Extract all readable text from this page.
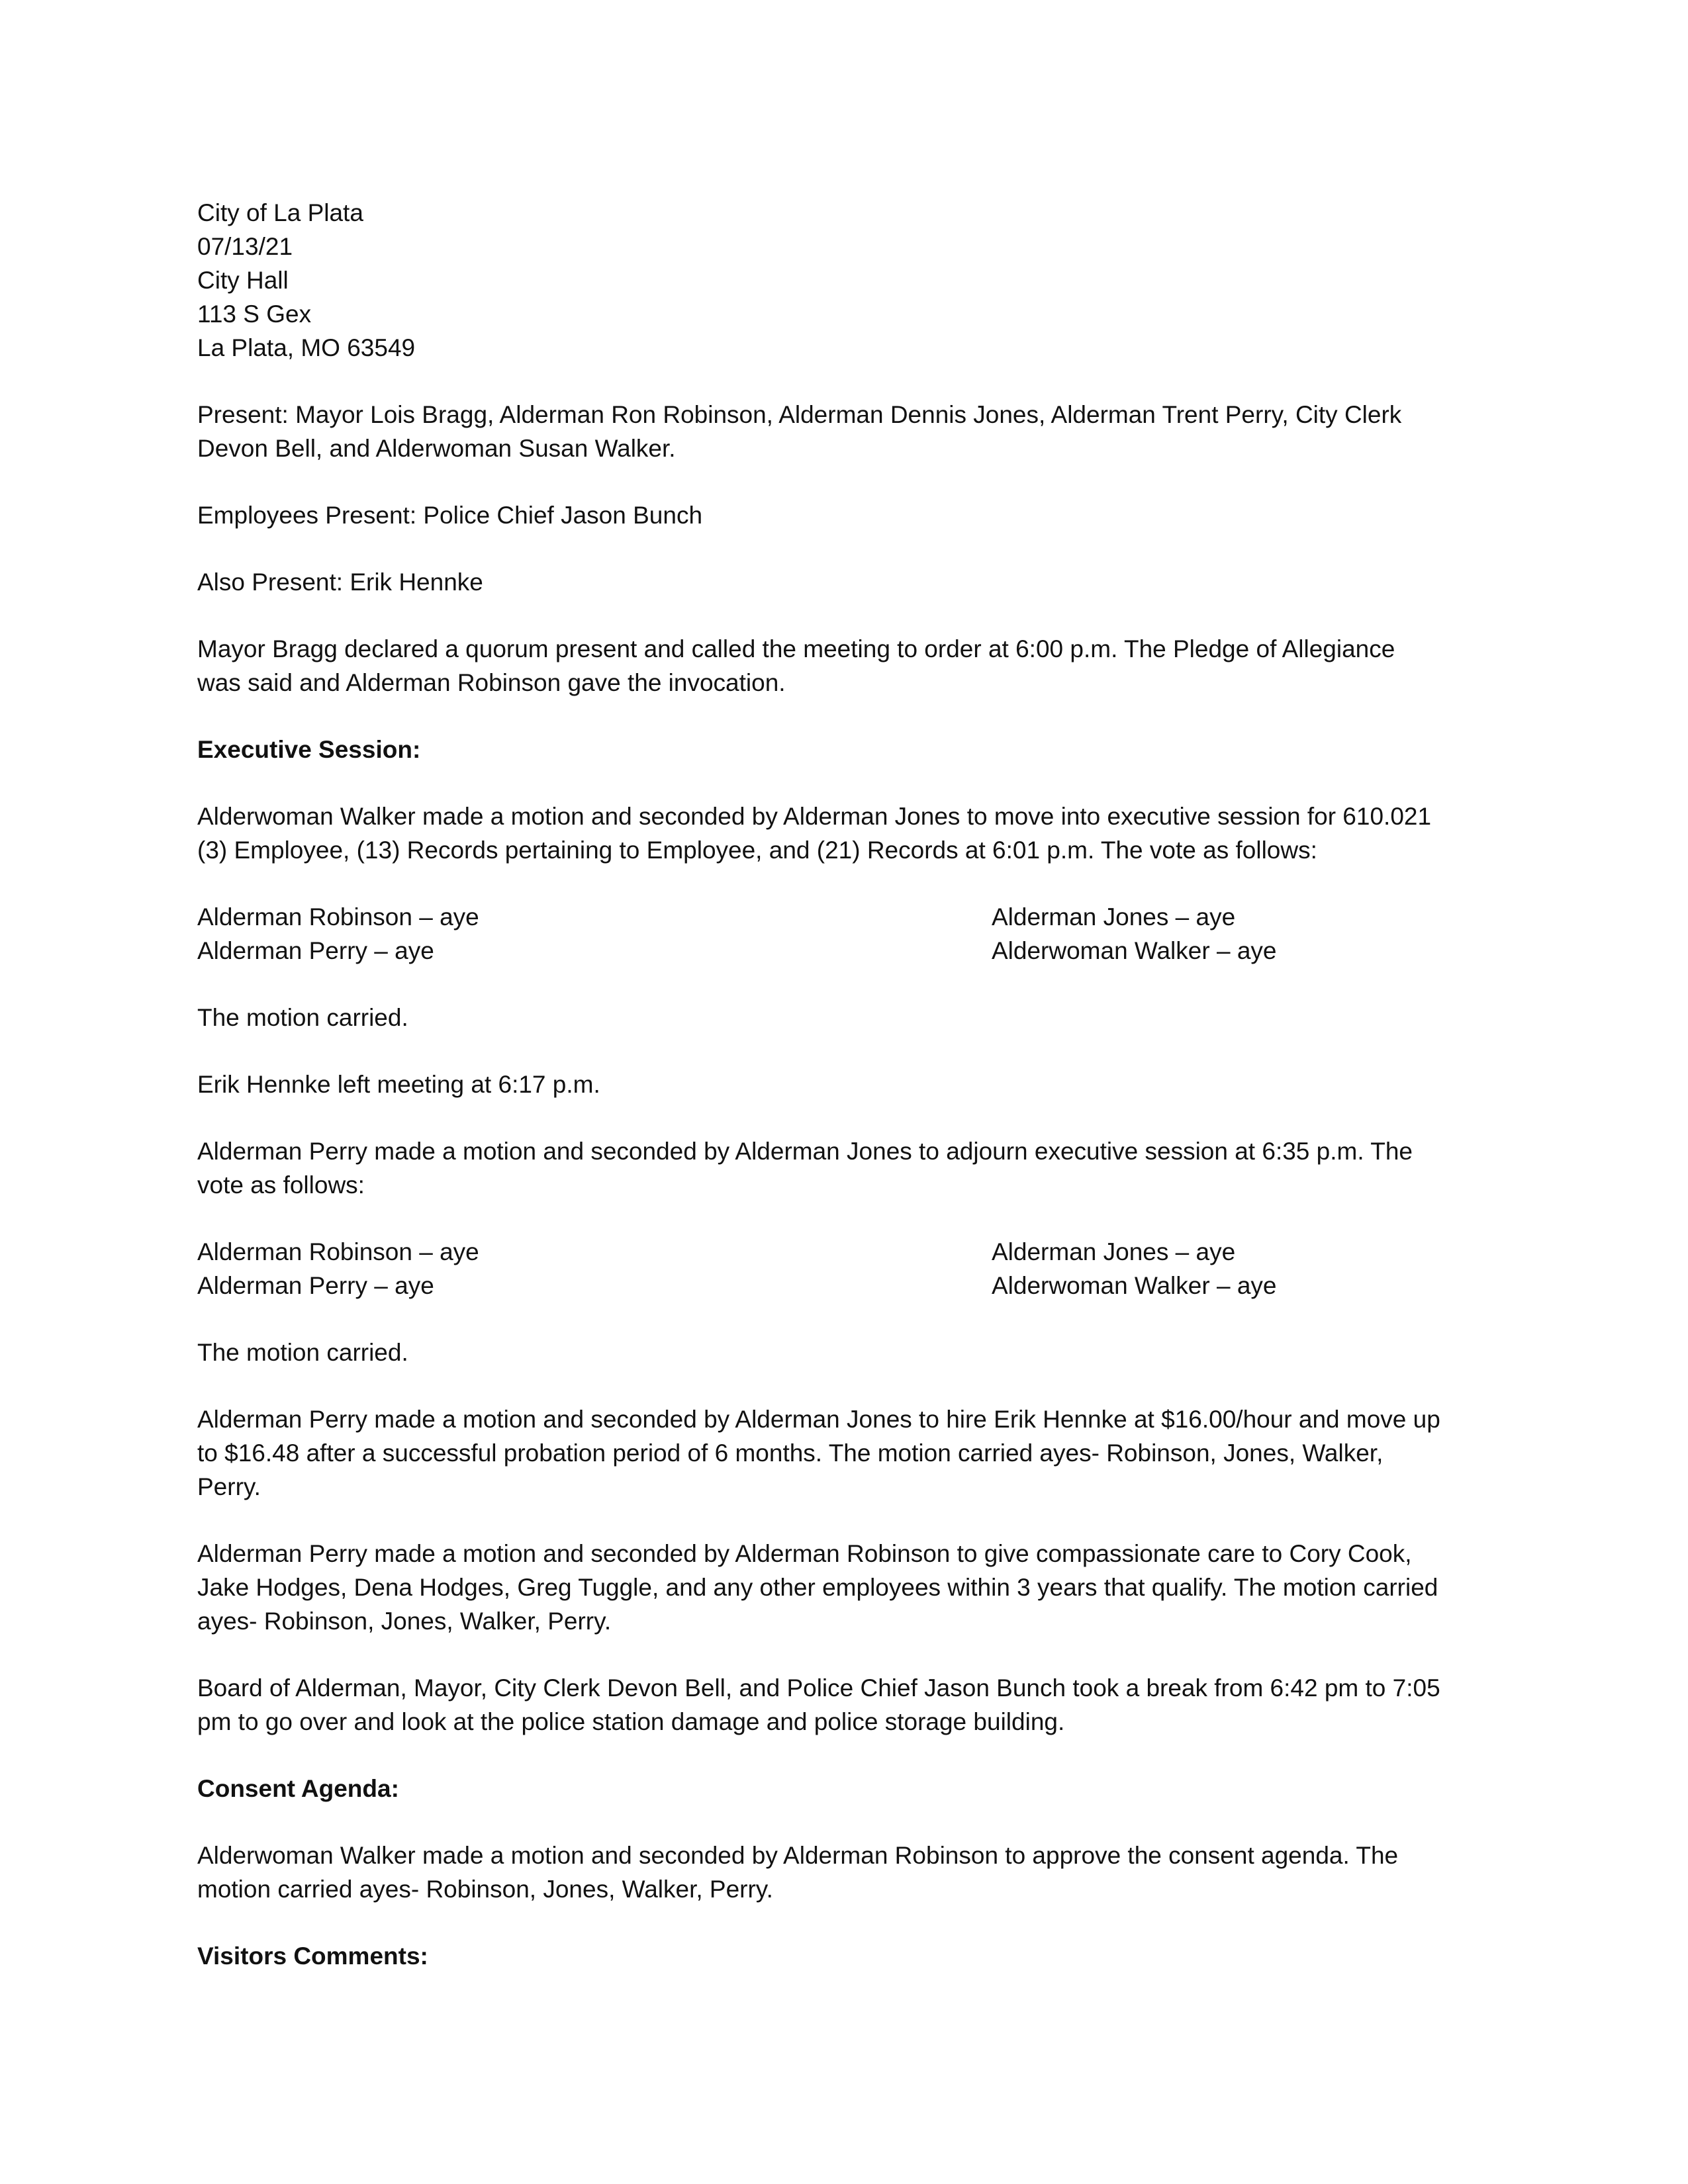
City of La Plata
07/13/21
City Hall
113 S Gex
La Plata, MO 63549
Present: Mayor Lois Bragg, Alderman Ron Robinson, Alderman Dennis Jones, Alderman Trent Perry, City Clerk
Devon Bell, and Alderwoman Susan Walker.
Employees Present: Police Chief Jason Bunch
Also Present: Erik Hennke
Mayor Bragg declared a quorum present and called the meeting to order at 6:00 p.m. The Pledge of Allegiance
was said and Alderman Robinson gave the invocation.
Executive Session:
Alderwoman Walker made a motion and seconded by Alderman Jones to move into executive session for 610.021
(3) Employee, (13) Records pertaining to Employee, and (21) Records at 6:01 p.m. The vote as follows:
Alderman Robinson – aye	Alderman Jones – aye
Alderman Perry – aye	Alderwoman Walker – aye
The motion carried.
Erik Hennke left meeting at 6:17 p.m.
Alderman Perry made a motion and seconded by Alderman Jones to adjourn executive session at 6:35 p.m. The
vote as follows:
Alderman Robinson – aye	Alderman Jones – aye
Alderman Perry – aye	Alderwoman Walker – aye
The motion carried.
Alderman Perry made a motion and seconded by Alderman Jones to hire Erik Hennke at $16.00/hour and move up
to $16.48 after a successful probation period of 6 months. The motion carried ayes- Robinson, Jones, Walker,
Perry.
Alderman Perry made a motion and seconded by Alderman Robinson to give compassionate care to Cory Cook,
Jake Hodges, Dena Hodges, Greg Tuggle, and any other employees within 3 years that qualify. The motion carried
ayes- Robinson, Jones, Walker, Perry.
Board of Alderman, Mayor, City Clerk Devon Bell, and Police Chief Jason Bunch took a break from 6:42 pm to 7:05
pm to go over and look at the police station damage and police storage building.
Consent Agenda:
Alderwoman Walker made a motion and seconded by Alderman Robinson to approve the consent agenda. The
motion carried ayes- Robinson, Jones, Walker, Perry.
Visitors Comments:
